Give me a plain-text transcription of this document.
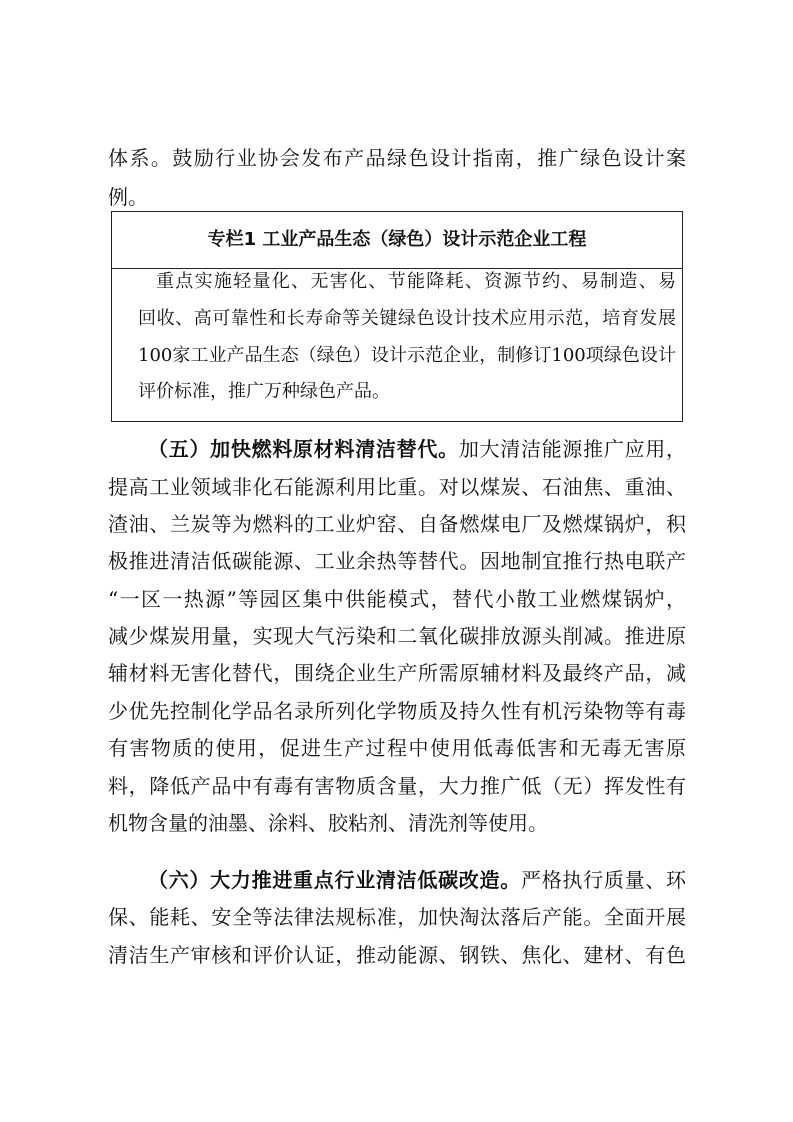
体系。鼓励行业协会发布产品绿色设计指南，推广绿色设计案
例。
专栏1 工业产品生态（绿色）设计示范企业工程
重点实施轻量化、无害化、节能降耗、资源节约、易制造、易
回收、高可靠性和长寿命等关键绿色设计技术应用示范，培育发展
100家工业产品生态（绿色）设计示范企业，制修订100项绿色设计
评价标准，推广万种绿色产品。
（五）加快燃料原材料清洁替代。加大清洁能源推广应用，
提高工业领域非化石能源利用比重。对以煤炭、石油焦、重油、
渣油、兰炭等为燃料的工业炉窑、自备燃煤电厂及燃煤锅炉，积
极推进清洁低碳能源、工业余热等替代。因地制宜推行热电联产
“一区一热源”等园区集中供能模式，替代小散工业燃煤锅炉，
减少煤炭用量，实现大气污染和二氧化碳排放源头削减。推进原
辅材料无害化替代，围绕企业生产所需原辅材料及最终产品，减
少优先控制化学品名录所列化学物质及持久性有机污染物等有毒
有害物质的使用，促进生产过程中使用低毒低害和无毒无害原
料，降低产品中有毒有害物质含量，大力推广低（无）挥发性有
机物含量的油墨、涂料、胶粘剂、清洗剂等使用。
（六）大力推进重点行业清洁低碳改造。严格执行质量、环
保、能耗、安全等法律法规标准，加快淘汰落后产能。全面开展
清洁生产审核和评价认证，推动能源、钢铁、焦化、建材、有色
